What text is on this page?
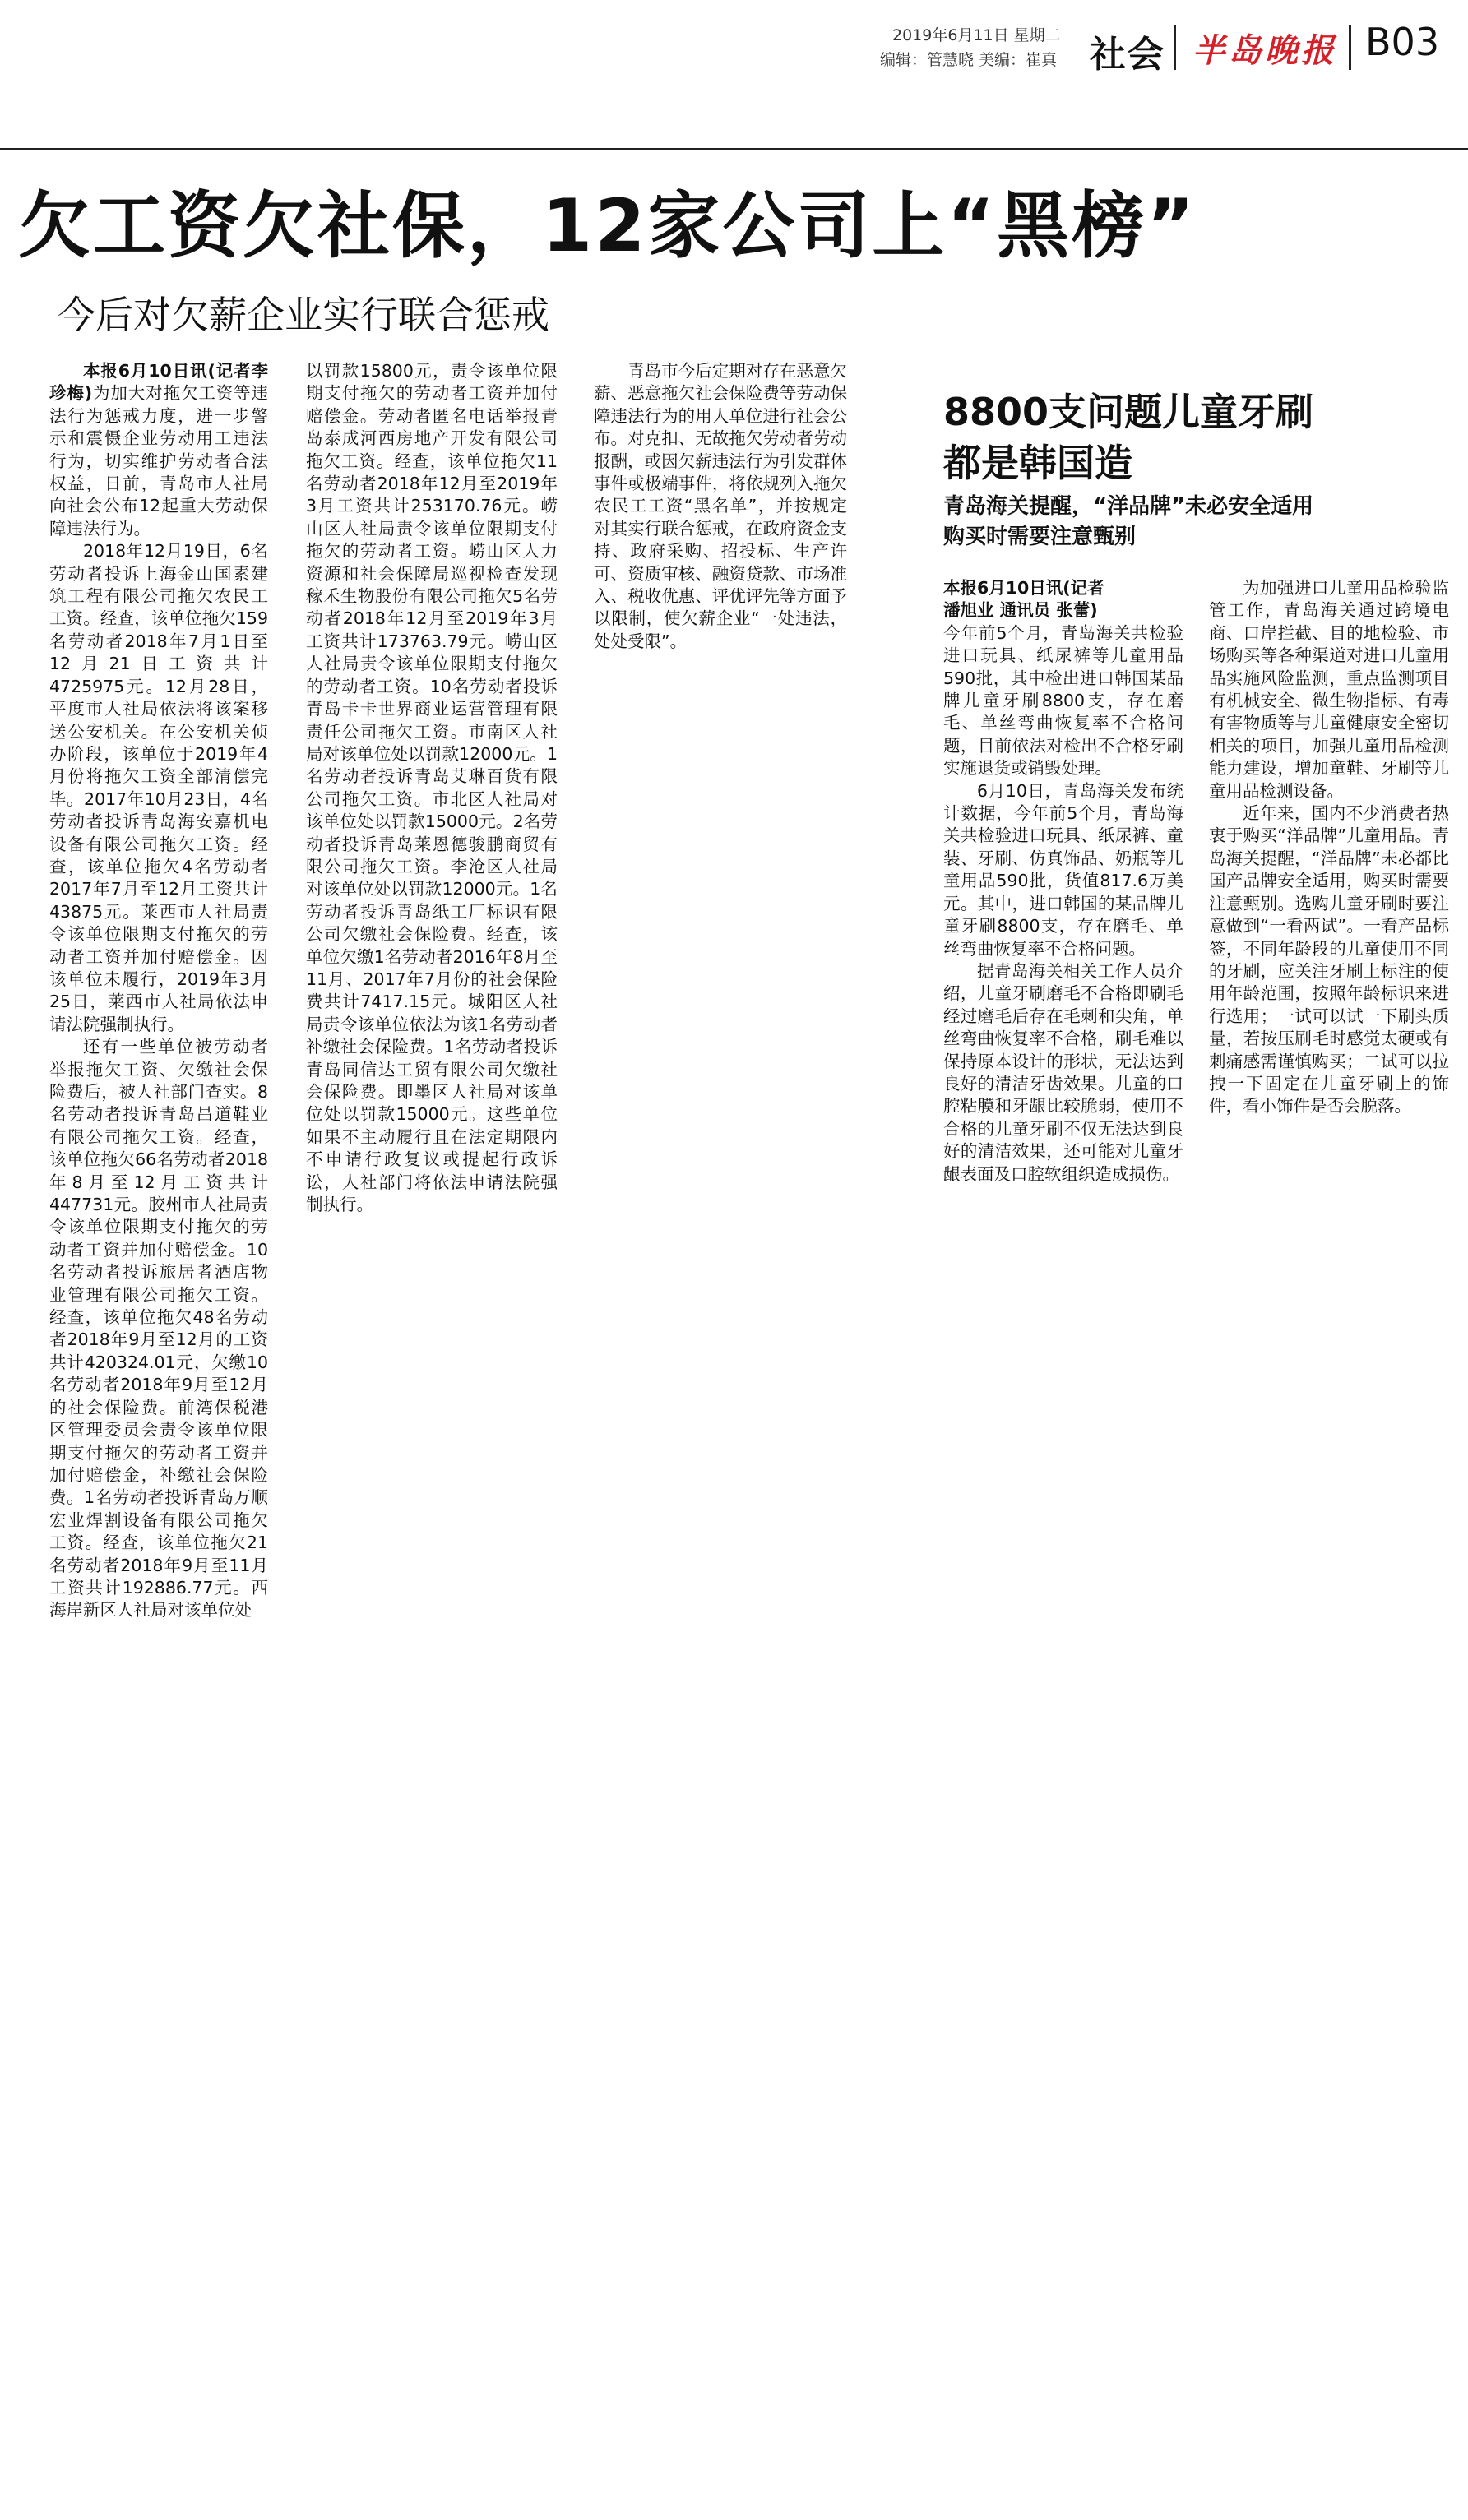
2019年6月11日 星期二
编辑：管慧晓 美编：崔真 社会 半岛晚报 B03
欠工资欠社保，12家公司上“黑榜”
今后对欠薪企业实行联合惩戒

本报6月10日讯(记者李珍梅)为加大对拖欠工资等违法行为惩戒力度，进一步警示和震慑企业劳动用工违法行为，切实维护劳动者合法权益，日前，青岛市人社局向社会公布12起重大劳动保障违法行为。

2018年12月19日，6名劳动者投诉上海金山国素建筑工程有限公司拖欠农民工工资。经查，该单位拖欠159名劳动者2018年7月1日至12月21日工资共计4725975元。12月28日，平度市人社局依法将该案移送公安机关。在公安机关侦办阶段，该单位于2019年4月份将拖欠工资全部清偿完毕。2017年10月23日，4名劳动者投诉青岛海安嘉机电设备有限公司拖欠工资。经查，该单位拖欠4名劳动者2017年7月至12月工资共计43875元。莱西市人社局责令该单位限期支付拖欠的劳动者工资并加付赔偿金。因该单位未履行，2019年3月25日，莱西市人社局依法申请法院强制执行。

还有一些单位被劳动者举报拖欠工资、欠缴社会保险费后，被人社部门查实。8名劳动者投诉青岛昌道鞋业有限公司拖欠工资。经查，该单位拖欠66名劳动者2018年8月至12月工资共计447731元。胶州市人社局责令该单位限期支付拖欠的劳动者工资并加付赔偿金。10名劳动者投诉旅居者酒店物业管理有限公司拖欠工资。经查，该单位拖欠48名劳动者2018年9月至12月的工资共计420324.01元，欠缴10名劳动者2018年9月至12月的社会保险费。前湾保税港区管理委员会责令该单位限期支付拖欠的劳动者工资并加付赔偿金，补缴社会保险费。1名劳动者投诉青岛万顺宏业焊割设备有限公司拖欠工资。经查，该单位拖欠21名劳动者2018年9月至11月工资共计192886.77元。西海岸新区人社局对该单位处

以罚款15800元，责令该单位限期支付拖欠的劳动者工资并加付赔偿金。劳动者匿名电话举报青岛泰成河西房地产开发有限公司拖欠工资。经查，该单位拖欠11名劳动者2018年12月至2019年3月工资共计253170.76元。崂山区人社局责令该单位限期支付拖欠的劳动者工资。崂山区人力资源和社会保障局巡视检查发现稼禾生物股份有限公司拖欠5名劳动者2018年12月至2019年3月工资共计173763.79元。崂山区人社局责令该单位限期支付拖欠的劳动者工资。10名劳动者投诉青岛卡卡世界商业运营管理有限责任公司拖欠工资。市南区人社局对该单位处以罚款12000元。1名劳动者投诉青岛艾琳百货有限公司拖欠工资。市北区人社局对该单位处以罚款15000元。2名劳动者投诉青岛莱恩德骏鹏商贸有限公司拖欠工资。李沧区人社局对该单位处以罚款12000元。1名劳动者投诉青岛纸工厂标识有限公司欠缴社会保险费。经查，该单位欠缴1名劳动者2016年8月至11月、2017年7月份的社会保险费共计7417.15元。城阳区人社局责令该单位依法为该1名劳动者补缴社会保险费。1名劳动者投诉青岛同信达工贸有限公司欠缴社会保险费。即墨区人社局对该单位处以罚款15000元。这些单位如果不主动履行且在法定期限内不申请行政复议或提起行政诉讼，人社部门将依法申请法院强制执行。

青岛市今后定期对存在恶意欠薪、恶意拖欠社会保险费等劳动保障违法行为的用人单位进行社会公布。对克扣、无故拖欠劳动者劳动报酬，或因欠薪违法行为引发群体事件或极端事件，将依规列入拖欠农民工工资“黑名单”，并按规定对其实行联合惩戒，在政府资金支持、政府采购、招投标、生产许可、资质审核、融资贷款、市场准入、税收优惠、评优评先等方面予以限制，使欠薪企业“一处违法，处处受限”。

8800支问题儿童牙刷
都是韩国造
青岛海关提醒，“洋品牌”未必安全适用
购买时需要注意甄别

本报6月10日讯(记者
潘旭业 通讯员 张蕾)

今年前5个月，青岛海关共检验进口玩具、纸尿裤等儿童用品590批，其中检出进口韩国某品牌儿童牙刷8800支，存在磨毛、单丝弯曲恢复率不合格问题，目前依法对检出不合格牙刷实施退货或销毁处理。

6月10日，青岛海关发布统计数据，今年前5个月，青岛海关共检验进口玩具、纸尿裤、童装、牙刷、仿真饰品、奶瓶等儿童用品590批，货值817.6万美元。其中，进口韩国的某品牌儿童牙刷8800支，存在磨毛、单丝弯曲恢复率不合格问题。

据青岛海关相关工作人员介绍，儿童牙刷磨毛不合格即刷毛经过磨毛后存在毛刺和尖角，单丝弯曲恢复率不合格，刷毛难以保持原本设计的形状，无法达到良好的清洁牙齿效果。儿童的口腔粘膜和牙龈比较脆弱，使用不合格的儿童牙刷不仅无法达到良好的清洁效果，还可能对儿童牙龈表面及口腔软组织造成损伤。

为加强进口儿童用品检验监管工作，青岛海关通过跨境电商、口岸拦截、目的地检验、市场购买等各种渠道对进口儿童用品实施风险监测，重点监测项目有机械安全、微生物指标、有毒有害物质等与儿童健康安全密切相关的项目，加强儿童用品检测能力建设，增加童鞋、牙刷等儿童用品检测设备。

近年来，国内不少消费者热衷于购买“洋品牌”儿童用品。青岛海关提醒，“洋品牌”未必都比国产品牌安全适用，购买时需要注意甄别。选购儿童牙刷时要注意做到“一看两试”。一看产品标签，不同年龄段的儿童使用不同的牙刷，应关注牙刷上标注的使用年龄范围，按照年龄标识来进行选用；一试可以试一下刷头质量，若按压刷毛时感觉太硬或有刺痛感需谨慎购买；二试可以拉拽一下固定在儿童牙刷上的饰件，看小饰件是否会脱落。
